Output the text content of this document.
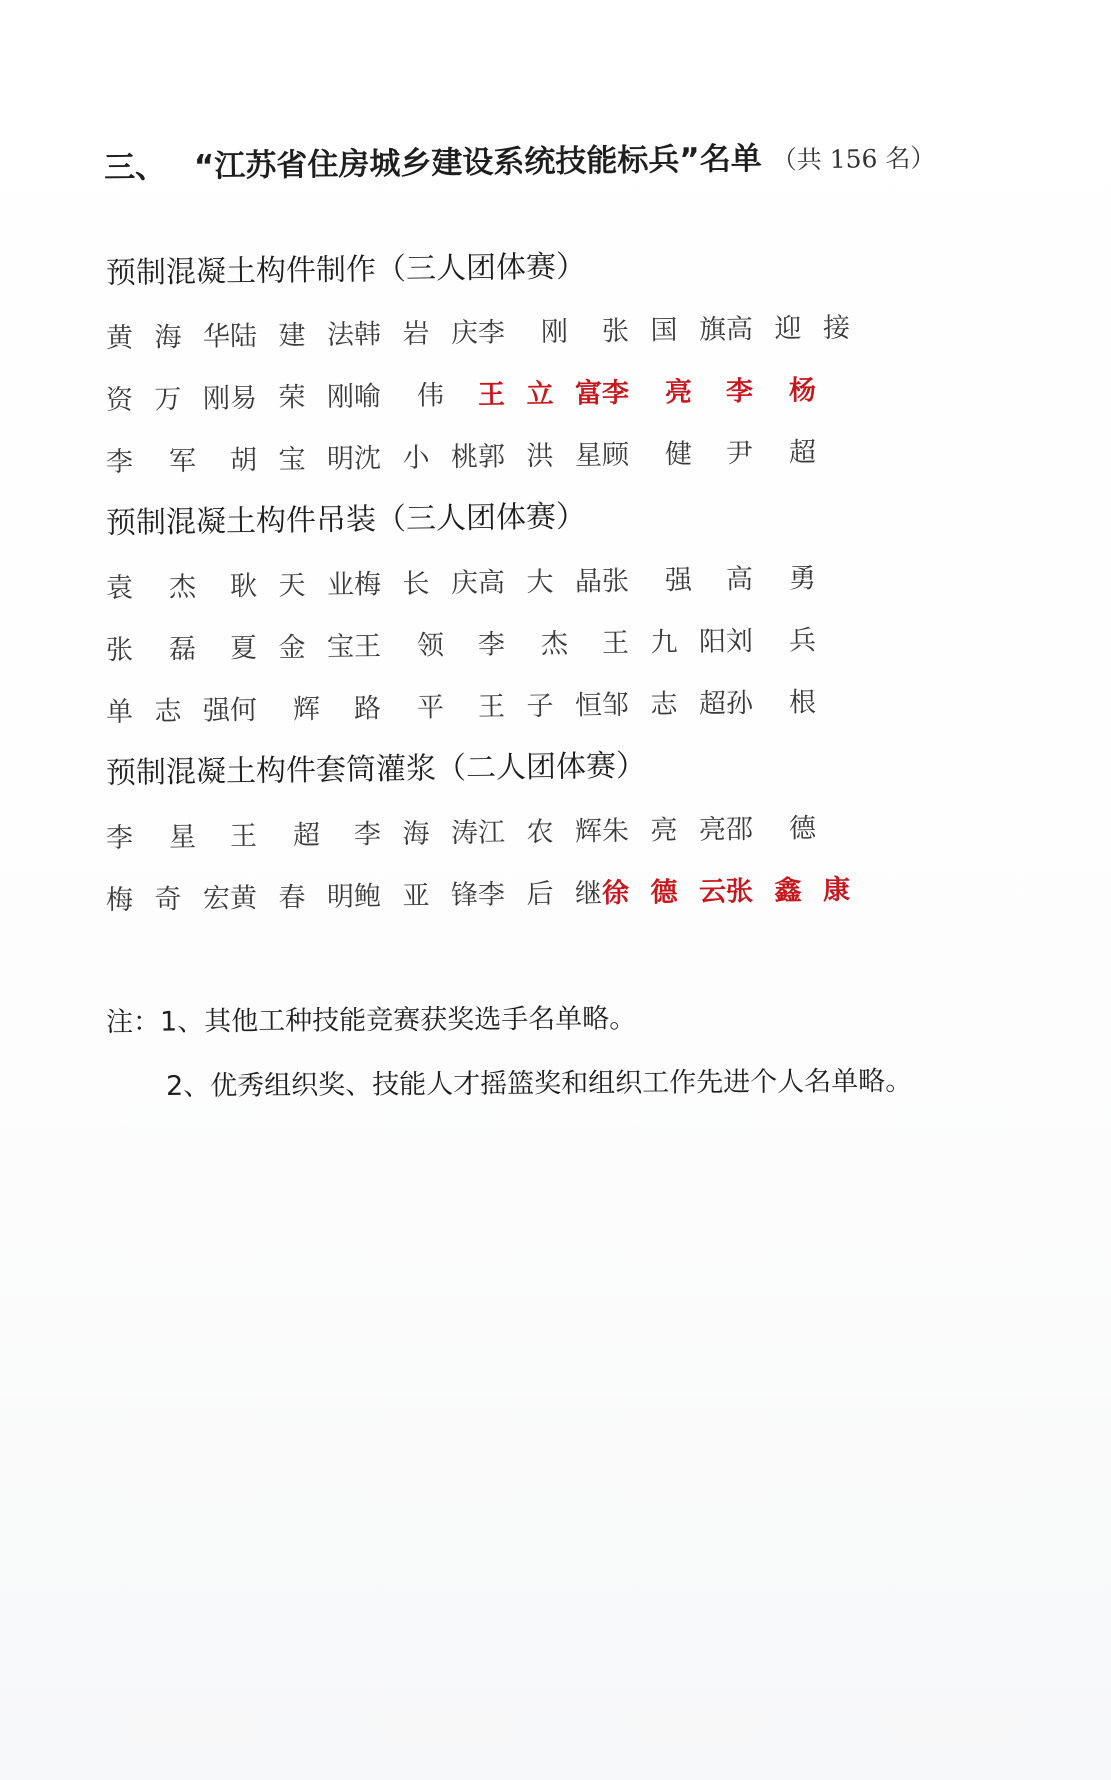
三、 “江苏省住房城乡建设系统技能标兵”名单 （共 156 名）
预制混凝土构件制作（三人团体赛）
黄 海 华 陆 建 法 韩 岩 庆 李 刚 张 国 旗 高 迎 接
资 万 刚 易 荣 刚 喻 伟 王 立 富 李 亮 李 杨
李 军 胡 宝 明 沈 小 桃 郭 洪 星 顾 健 尹 超
预制混凝土构件吊装（三人团体赛）
袁 杰 耿 天 业 梅 长 庆 高 大 晶 张 强 高 勇
张 磊 夏 金 宝 王 领 李 杰 王 九 阳 刘 兵
单 志 强 何 辉 路 平 王 子 恒 邹 志 超 孙 根
预制混凝土构件套筒灌浆（二人团体赛）
李 星 王 超 李 海 涛 江 农 辉 朱 亮 亮 邵 德
梅 奇 宏 黄 春 明 鲍 亚 锋 李 后 继 徐 德 云 张 鑫 康
注：1、其他工种技能竞赛获奖选手名单略。
2、优秀组织奖、技能人才摇篮奖和组织工作先进个人名单略。
